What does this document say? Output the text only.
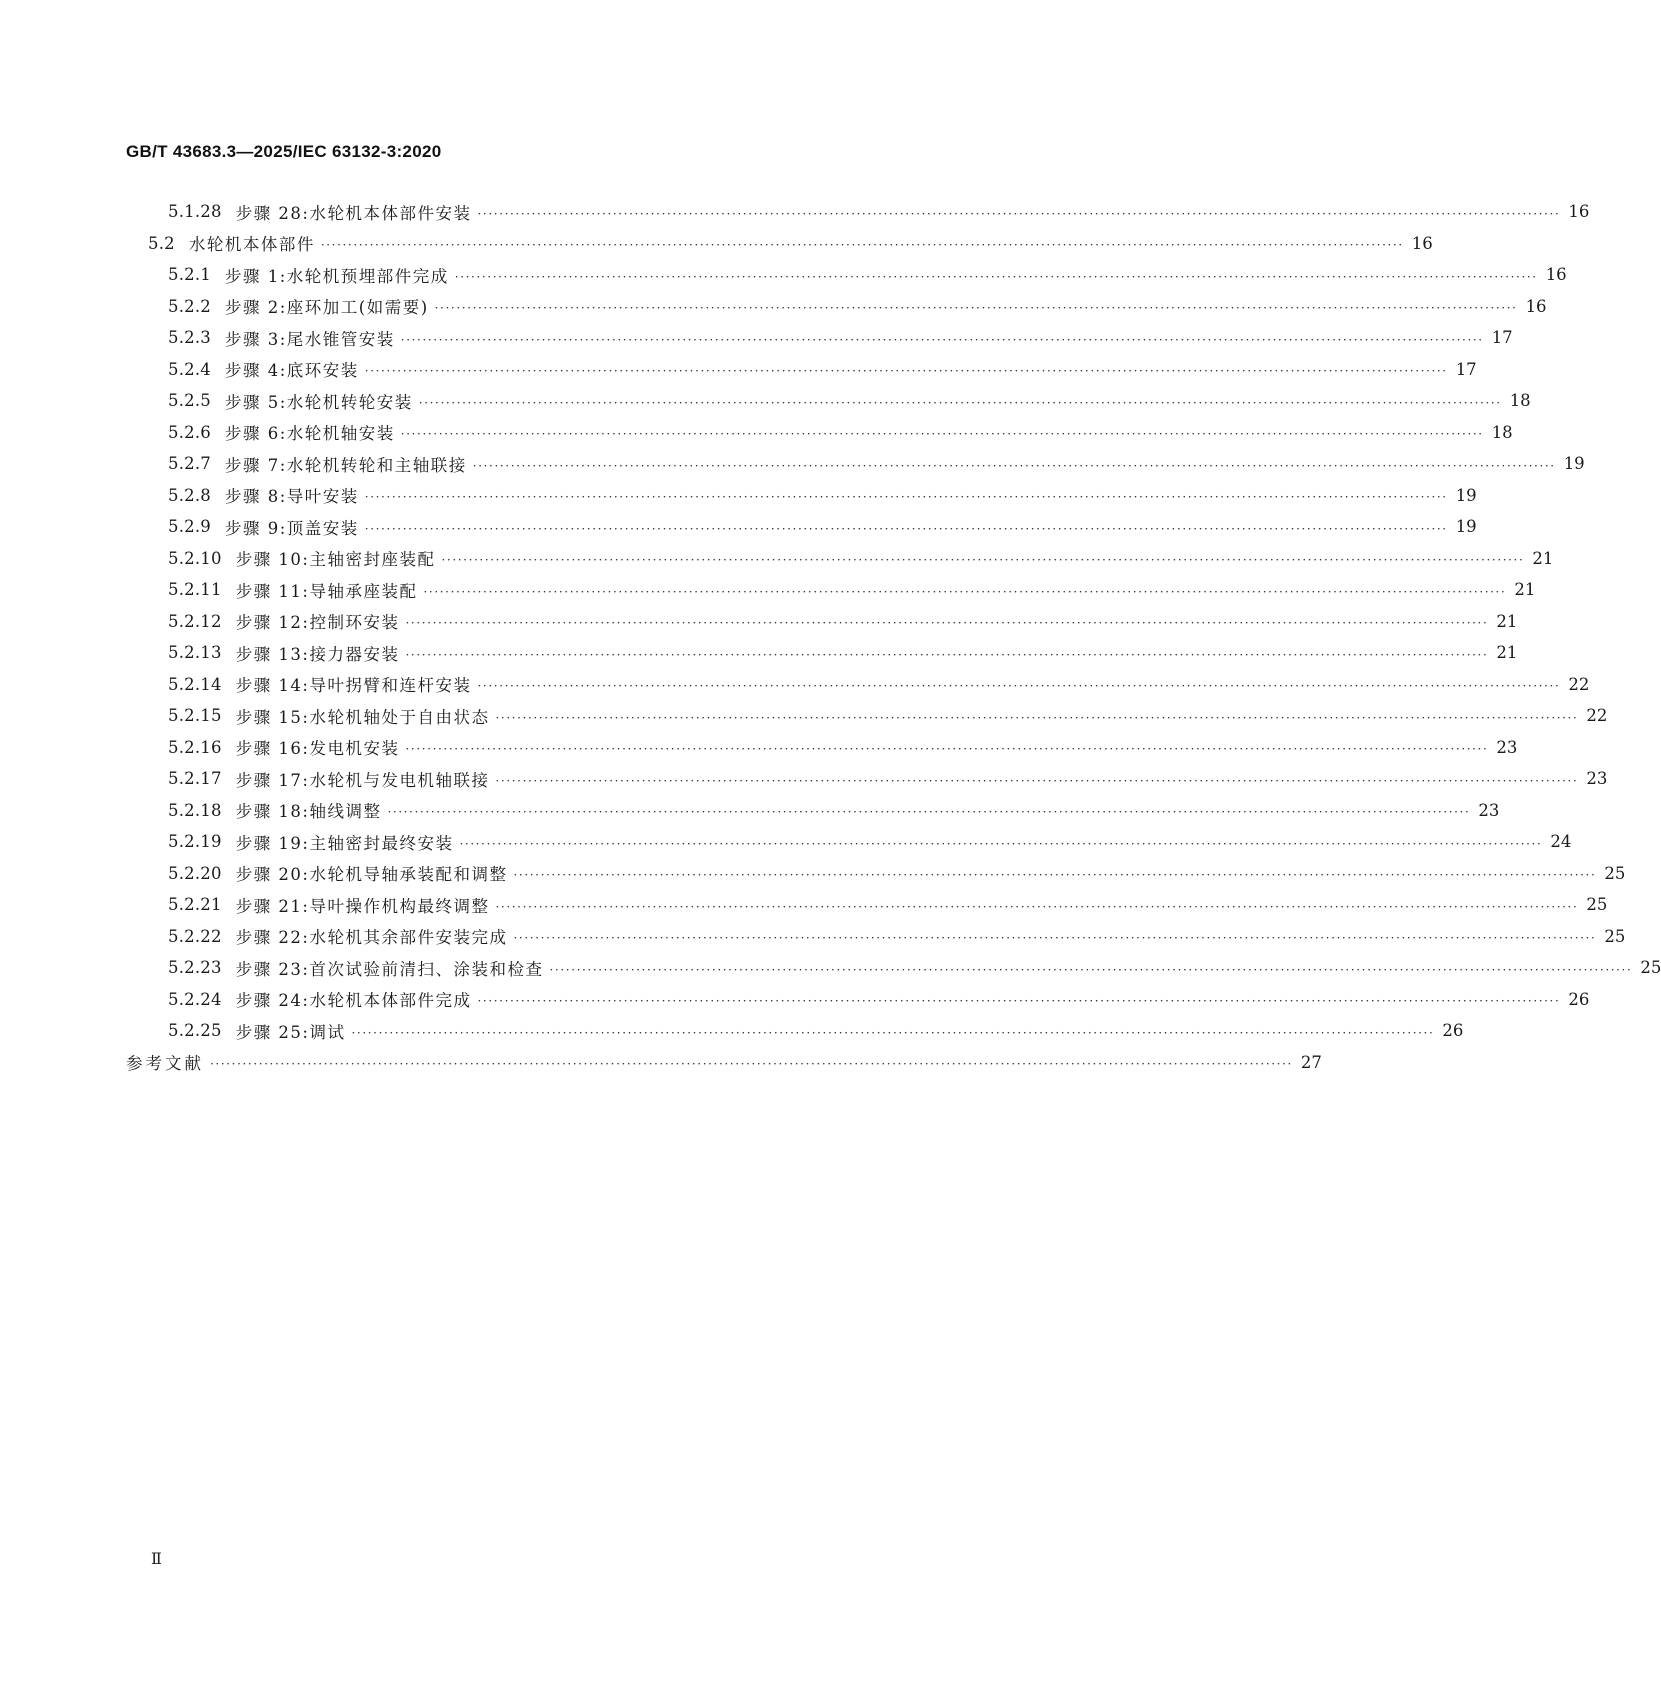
GB/T 43683.3—2025/IEC 63132-3:2020
5.1.28 步骤 28:水轮机本体部件安装 ········································································································································································································ 16
5.2 水轮机本体部件 ········································································································································································································ 16
5.2.1 步骤 1:水轮机预埋部件完成 ········································································································································································································ 16
5.2.2 步骤 2:座环加工(如需要) ········································································································································································································ 16
5.2.3 步骤 3:尾水锥管安装 ········································································································································································································ 17
5.2.4 步骤 4:底环安装 ········································································································································································································ 17
5.2.5 步骤 5:水轮机转轮安装 ········································································································································································································ 18
5.2.6 步骤 6:水轮机轴安装 ········································································································································································································ 18
5.2.7 步骤 7:水轮机转轮和主轴联接 ········································································································································································································ 19
5.2.8 步骤 8:导叶安装 ········································································································································································································ 19
5.2.9 步骤 9:顶盖安装 ········································································································································································································ 19
5.2.10 步骤 10:主轴密封座装配 ········································································································································································································ 21
5.2.11 步骤 11:导轴承座装配 ········································································································································································································ 21
5.2.12 步骤 12:控制环安装 ········································································································································································································ 21
5.2.13 步骤 13:接力器安装 ········································································································································································································ 21
5.2.14 步骤 14:导叶拐臂和连杆安装 ········································································································································································································ 22
5.2.15 步骤 15:水轮机轴处于自由状态 ········································································································································································································ 22
5.2.16 步骤 16:发电机安装 ········································································································································································································ 23
5.2.17 步骤 17:水轮机与发电机轴联接 ········································································································································································································ 23
5.2.18 步骤 18:轴线调整 ········································································································································································································ 23
5.2.19 步骤 19:主轴密封最终安装 ········································································································································································································ 24
5.2.20 步骤 20:水轮机导轴承装配和调整 ········································································································································································································ 25
5.2.21 步骤 21:导叶操作机构最终调整 ········································································································································································································ 25
5.2.22 步骤 22:水轮机其余部件安装完成 ········································································································································································································ 25
5.2.23 步骤 23:首次试验前清扫、涂装和检查 ········································································································································································································ 25
5.2.24 步骤 24:水轮机本体部件完成 ········································································································································································································ 26
5.2.25 步骤 25:调试 ········································································································································································································ 26
参考文献 ········································································································································································································ 27
Ⅱ
